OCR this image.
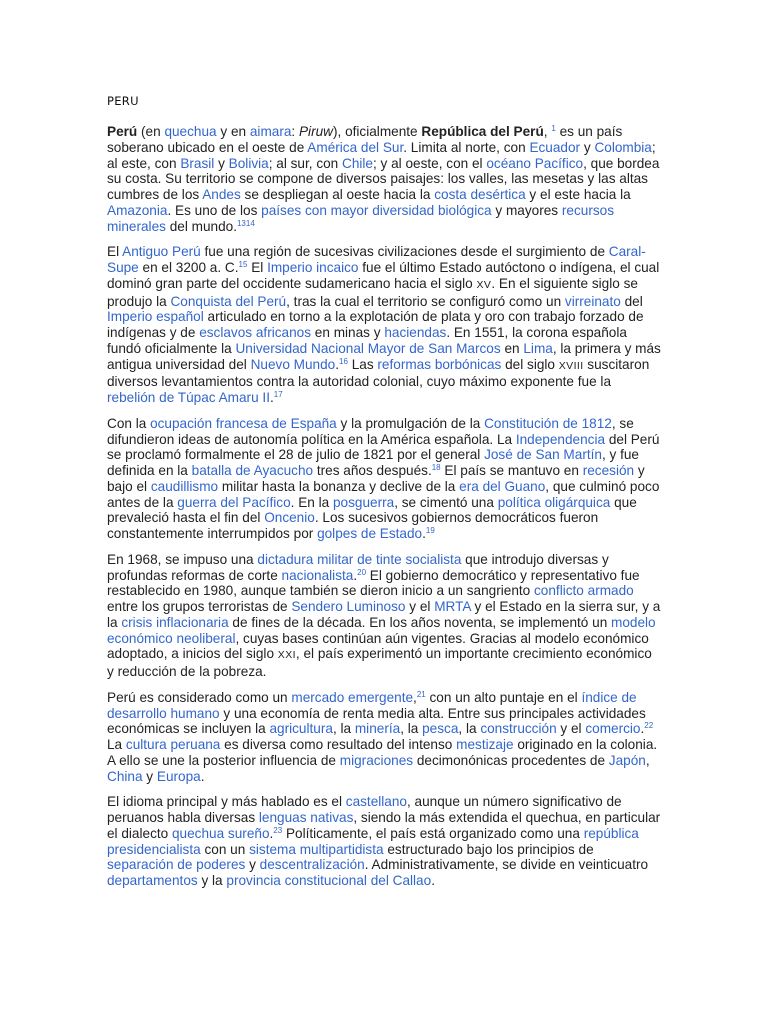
PERU

Perú (en quechua y en aimara: Piruw), oficialmente República del Perú, $^1$ es un país soberano ubicado en el oeste de América del Sur. Limita al norte, con Ecuador y Colombia; al este, con Brasil y Bolivia; al sur, con Chile; y al oeste, con el océano Pacífico, que bordea su costa. Su territorio se compone de diversos paisajes: los valles, las mesetas y las altas cumbres de los Andes se despliegan al oeste hacia la costa desértica y el este hacia la Amazonia. Es uno de los países con mayor diversidad biológica y mayores recursos minerales del mundo.$^{1314}$

El Antiguo Perú fue una región de sucesivas civilizaciones desde el surgimiento de Caral-Supe en el 3200 a. C.$^{15}$ El Imperio incaico fue el último Estado autóctono o indígena, el cual dominó gran parte del occidente sudamericano hacia el siglo XV. En el siguiente siglo se produjo la Conquista del Perú, tras la cual el territorio se configuró como un virreinato del Imperio español articulado en torno a la explotación de plata y oro con trabajo forzado de indígenas y de esclavos africanos en minas y haciendas. En 1551, la corona española fundó oficialmente la Universidad Nacional Mayor de San Marcos en Lima, la primera y más antigua universidad del Nuevo Mundo.$^{16}$ Las reformas borbónicas del siglo XVIII suscitaron diversos levantamientos contra la autoridad colonial, cuyo máximo exponente fue la rebelión de Túpac Amaru II.$^{17}$

Con la ocupación francesa de España y la promulgación de la Constitución de 1812, se difundieron ideas de autonomía política en la América española. La Independencia del Perú se proclamó formalmente el 28 de julio de 1821 por el general José de San Martín, y fue definida en la batalla de Ayacucho tres años después.$^{18}$ El país se mantuvo en recesión y bajo el caudillismo militar hasta la bonanza y declive de la era del Guano, que culminó poco antes de la guerra del Pacífico. En la posguerra, se cimentó una política oligárquica que prevaleció hasta el fin del Oncenio. Los sucesivos gobiernos democráticos fueron constantemente interrumpidos por golpes de Estado.$^{19}$

En 1968, se impuso una dictadura militar de tinte socialista que introdujo diversas y profundas reformas de corte nacionalista.$^{20}$ El gobierno democrático y representativo fue restablecido en 1980, aunque también se dieron inicio a un sangriento conflicto armado entre los grupos terroristas de Sendero Luminoso y el MRTA y el Estado en la sierra sur, y a la crisis inflacionaria de fines de la década. En los años noventa, se implementó un modelo económico neoliberal, cuyas bases continúan aún vigentes. Gracias al modelo económico adoptado, a inicios del siglo XXI, el país experimentó un importante crecimiento económico y reducción de la pobreza.

Perú es considerado como un mercado emergente,$^{21}$ con un alto puntaje en el índice de desarrollo humano y una economía de renta media alta. Entre sus principales actividades económicas se incluyen la agricultura, la minería, la pesca, la construcción y el comercio.$^{22}$ La cultura peruana es diversa como resultado del intenso mestizaje originado en la colonia. A ello se une la posterior influencia de migraciones decimonónicas procedentes de Japón, China y Europa.

El idioma principal y más hablado es el castellano, aunque un número significativo de peruanos habla diversas lenguas nativas, siendo la más extendida el quechua, en particular el dialecto quechua sureño.$^{23}$ Políticamente, el país está organizado como una república presidencialista con un sistema multipartidista estructurado bajo los principios de separación de poderes y descentralización. Administrativamente, se divide en veinticuatro departamentos y la provincia constitucional del Callao.
